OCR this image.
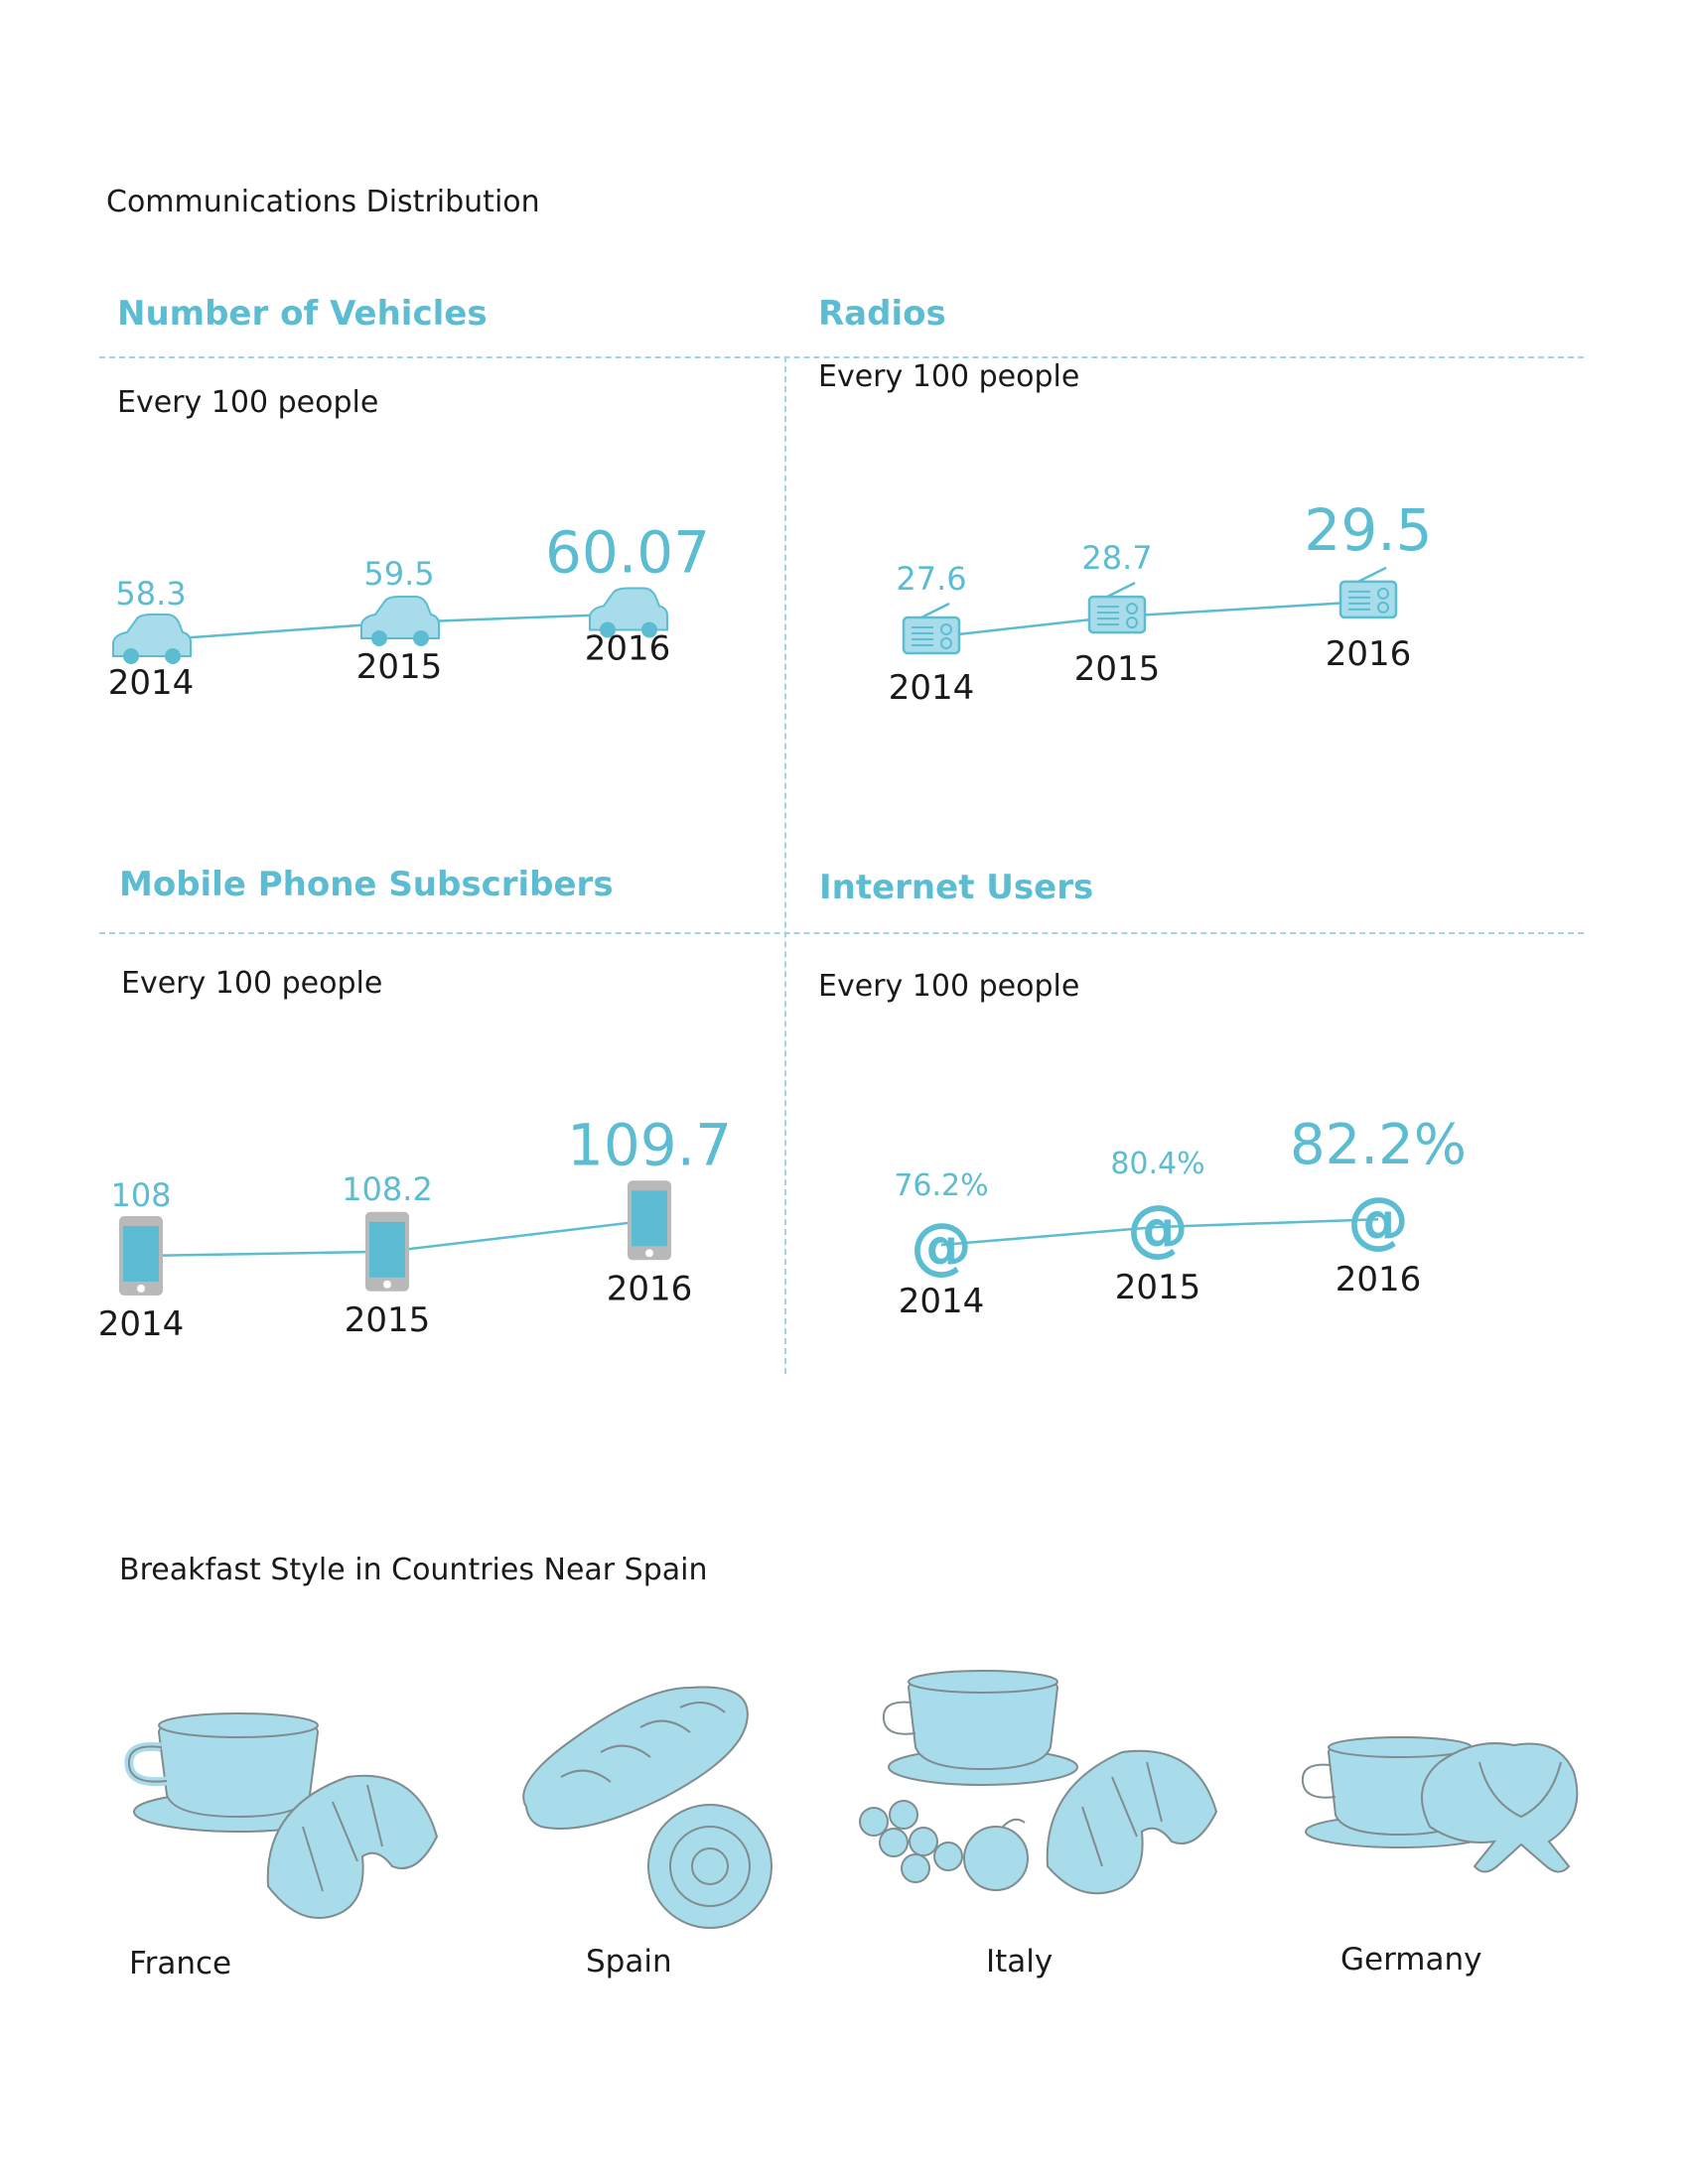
Communications Distribution
Number of Vehicles
Every 100 people
Radios
Every 100 people
Mobile Phone Subscribers
Every 100 people
Internet Users
Every 100 people
58.3
2014
59.5
2015
60.07
2016
27.6
2014
28.7
2015
29.5
2016
108
2014
108.2
2015
109.7
2016
@
76.2%
2014
@
80.4%
2015
@
82.2%
2016
Breakfast Style in Countries Near Spain
France	Spain	Italy	Germany
